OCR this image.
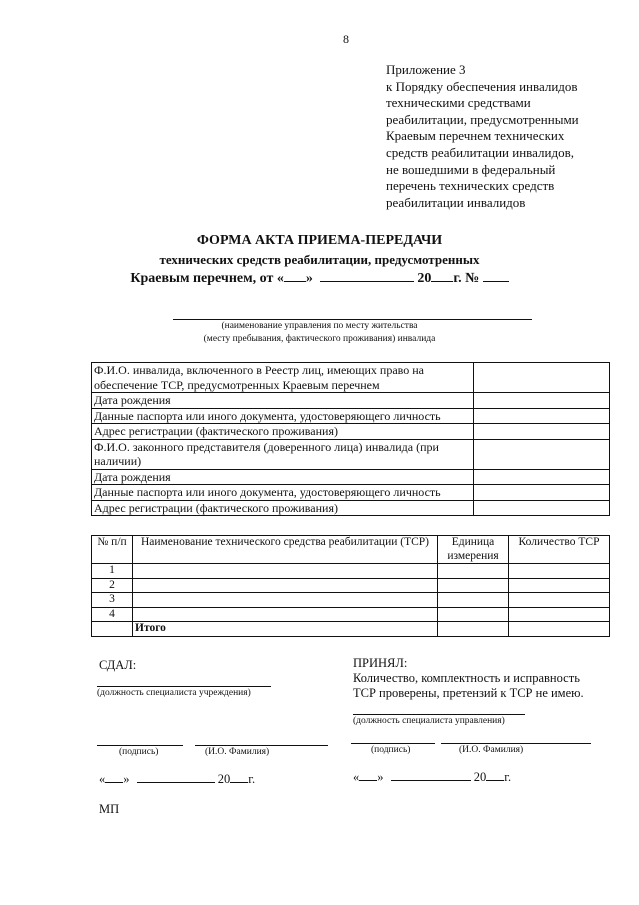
8
Приложение 3
к Порядку обеспечения инвалидов
техническими средствами
реабилитации, предусмотренными
Краевым перечнем технических
средств реабилитации инвалидов,
не вошедшими в федеральный
перечень технических средств
реабилитации инвалидов
ФОРМА АКТА ПРИЕМА-ПЕРЕДАЧИ
технических средств реабилитации, предусмотренных
Краевым перечнем, от « »	20 г. №
(наименование управления по месту жительства
(месту пребывания, фактического проживания) инвалида
Ф.И.О. инвалида, включенного в Реестр лиц, имеющих право на обеспечение ТСР, предусмотренных Краевым перечнем	
Дата рождения	
Данные паспорта или иного документа, удостоверяющего личность	
Адрес регистрации (фактического проживания)	
Ф.И.О. законного представителя (доверенного лица) инвалида (при наличии)	
Дата рождения	
Данные паспорта или иного документа, удостоверяющего личность	
Адрес регистрации (фактического проживания)	
№ п/п	Наименование технического средства реабилитации (ТСР)	Единица измерения	Количество ТСР
1			
2			
3			
4			
	Итого		
СДАЛ:
(должность специалиста учреждения)
(подпись)	(И.О. Фамилия)
« »	20 г.
МП
ПРИНЯЛ:
Количество, комплектность и исправность
ТСР проверены, претензий к ТСР не имею.
(должность специалиста управления)
(подпись)	(И.О. Фамилия)
« »	20 г.
